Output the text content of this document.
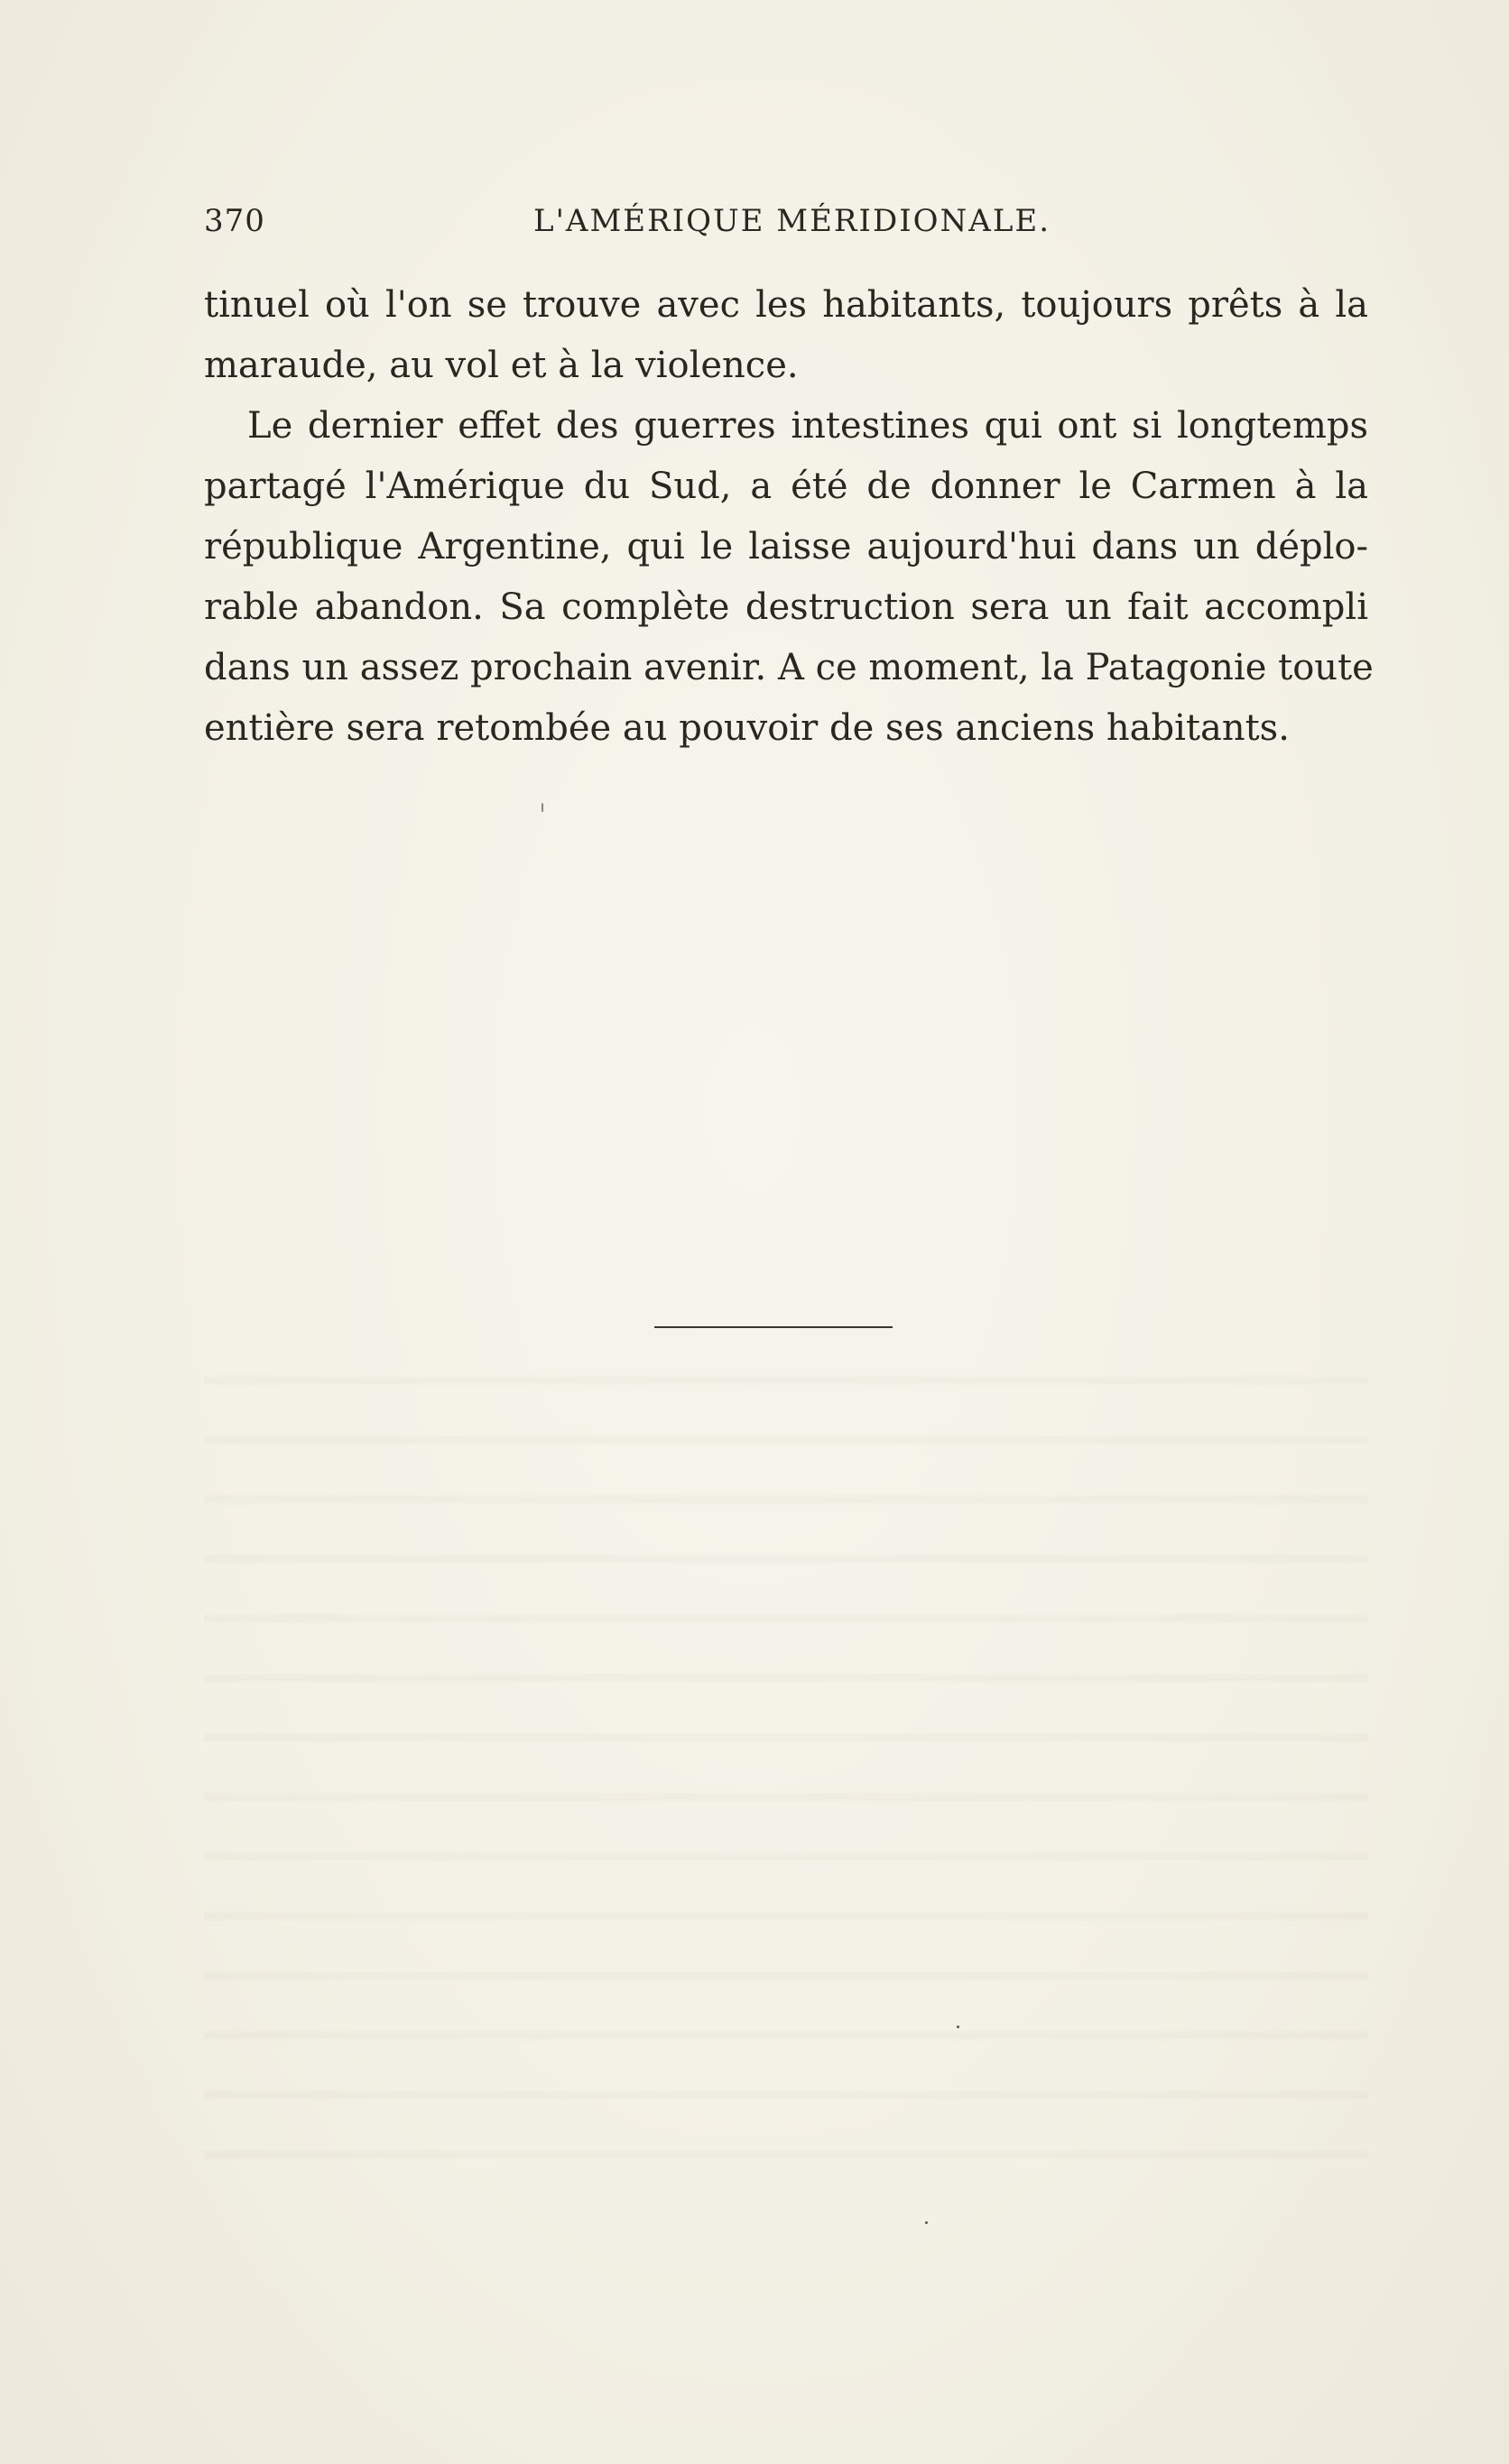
370	L'AMÉRIQUE MÉRIDIONALE.
tinuel où l'on se trouve avec les habitants, toujours prêts à la
maraude, au vol et à la violence.
Le dernier effet des guerres intestines qui ont si longtemps
partagé l'Amérique du Sud, a été de donner le Carmen à la
république Argentine, qui le laisse aujourd'hui dans un déplo-
rable abandon. Sa complète destruction sera un fait accompli
dans un assez prochain avenir. A ce moment, la Patagonie toute
entière sera retombée au pouvoir de ses anciens habitants.
